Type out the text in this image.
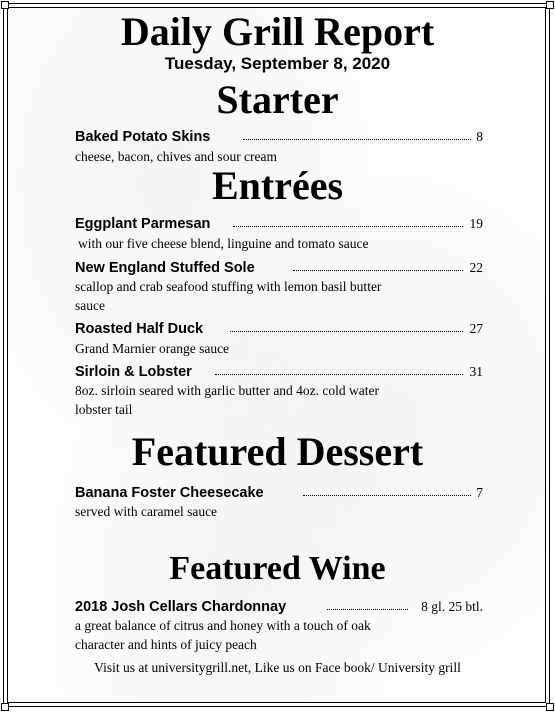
Daily Grill Report
Tuesday, September 8, 2020
Starter
Baked Potato Skins	8
cheese, bacon, chives and sour cream
Entrées
Eggplant Parmesan	19
with our five cheese blend, linguine and tomato sauce
New England Stuffed Sole	22
scallop and crab seafood stuffing with lemon basil butter
sauce
Roasted Half Duck	27
Grand Marnier orange sauce
Sirloin & Lobster	31
8oz. sirloin seared with garlic butter and 4oz. cold water
lobster tail
Featured Dessert
Banana Foster Cheesecake	7
served with caramel sauce
Featured Wine
2018 Josh Cellars Chardonnay	8 gl. 25 btl.
a great balance of citrus and honey with a touch of oak
character and hints of juicy peach
Visit us at universitygrill.net, Like us on Face book/ University grill
